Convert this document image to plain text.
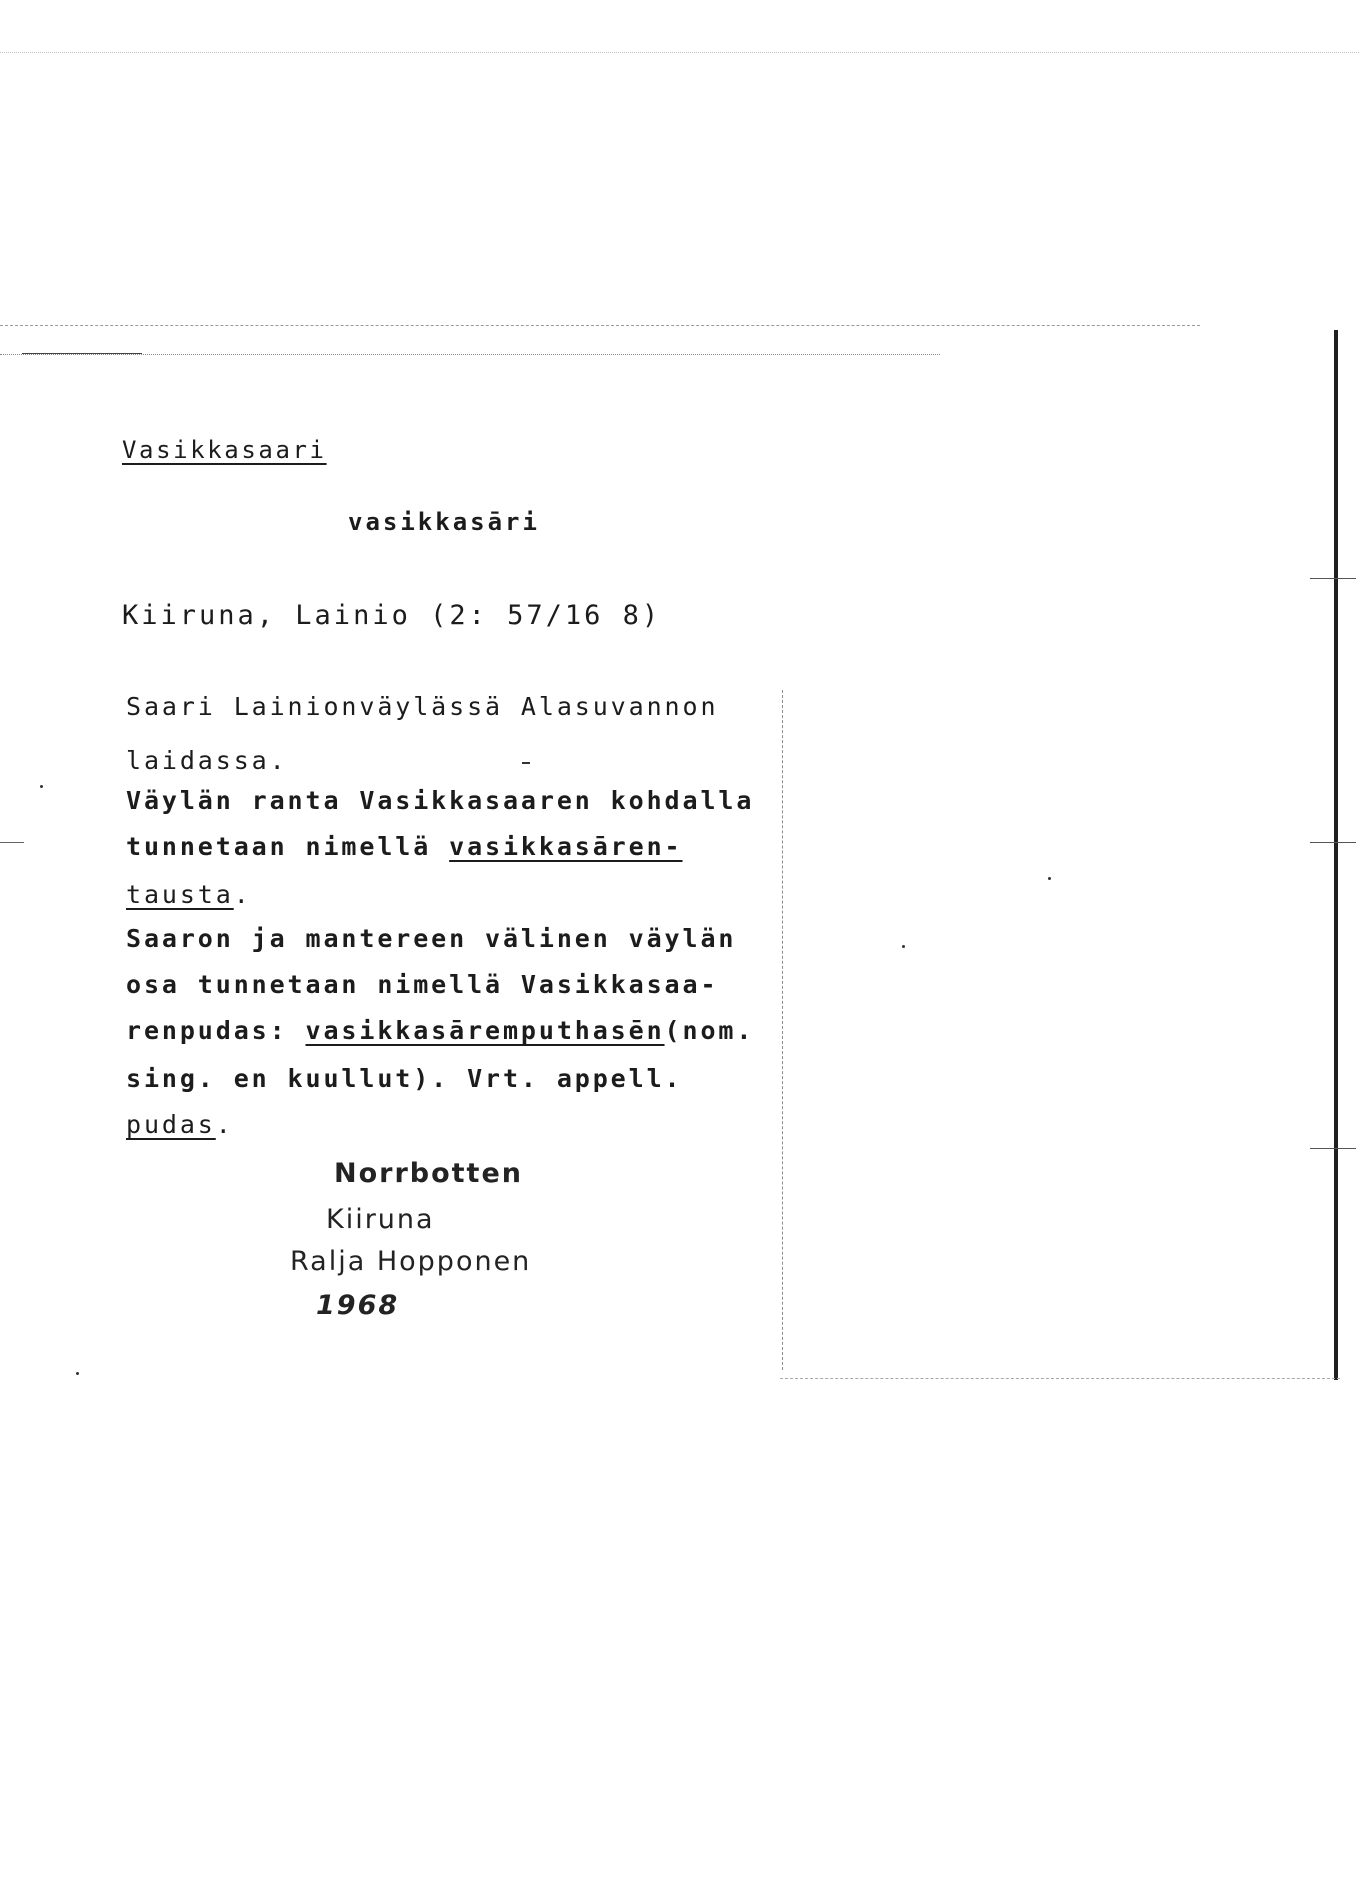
Vasikkasaari
vasikkasāri
Kiiruna, Lainio (2: 57/16 8)
Saari Lainionväylässä Alasuvannon
laidassa.
Väylän ranta Vasikkasaaren kohdalla
tunnetaan nimellä vasikkasāren-
tausta.
Saaron ja mantereen välinen väylän
osa tunnetaan nimellä Vasikkasaa-
renpudas: vasikkasāremputhasēn(nom.
sing. en kuullut). Vrt. appell.
pudas.
Norrbotten
Kiiruna
Ralja Hopponen
1968
